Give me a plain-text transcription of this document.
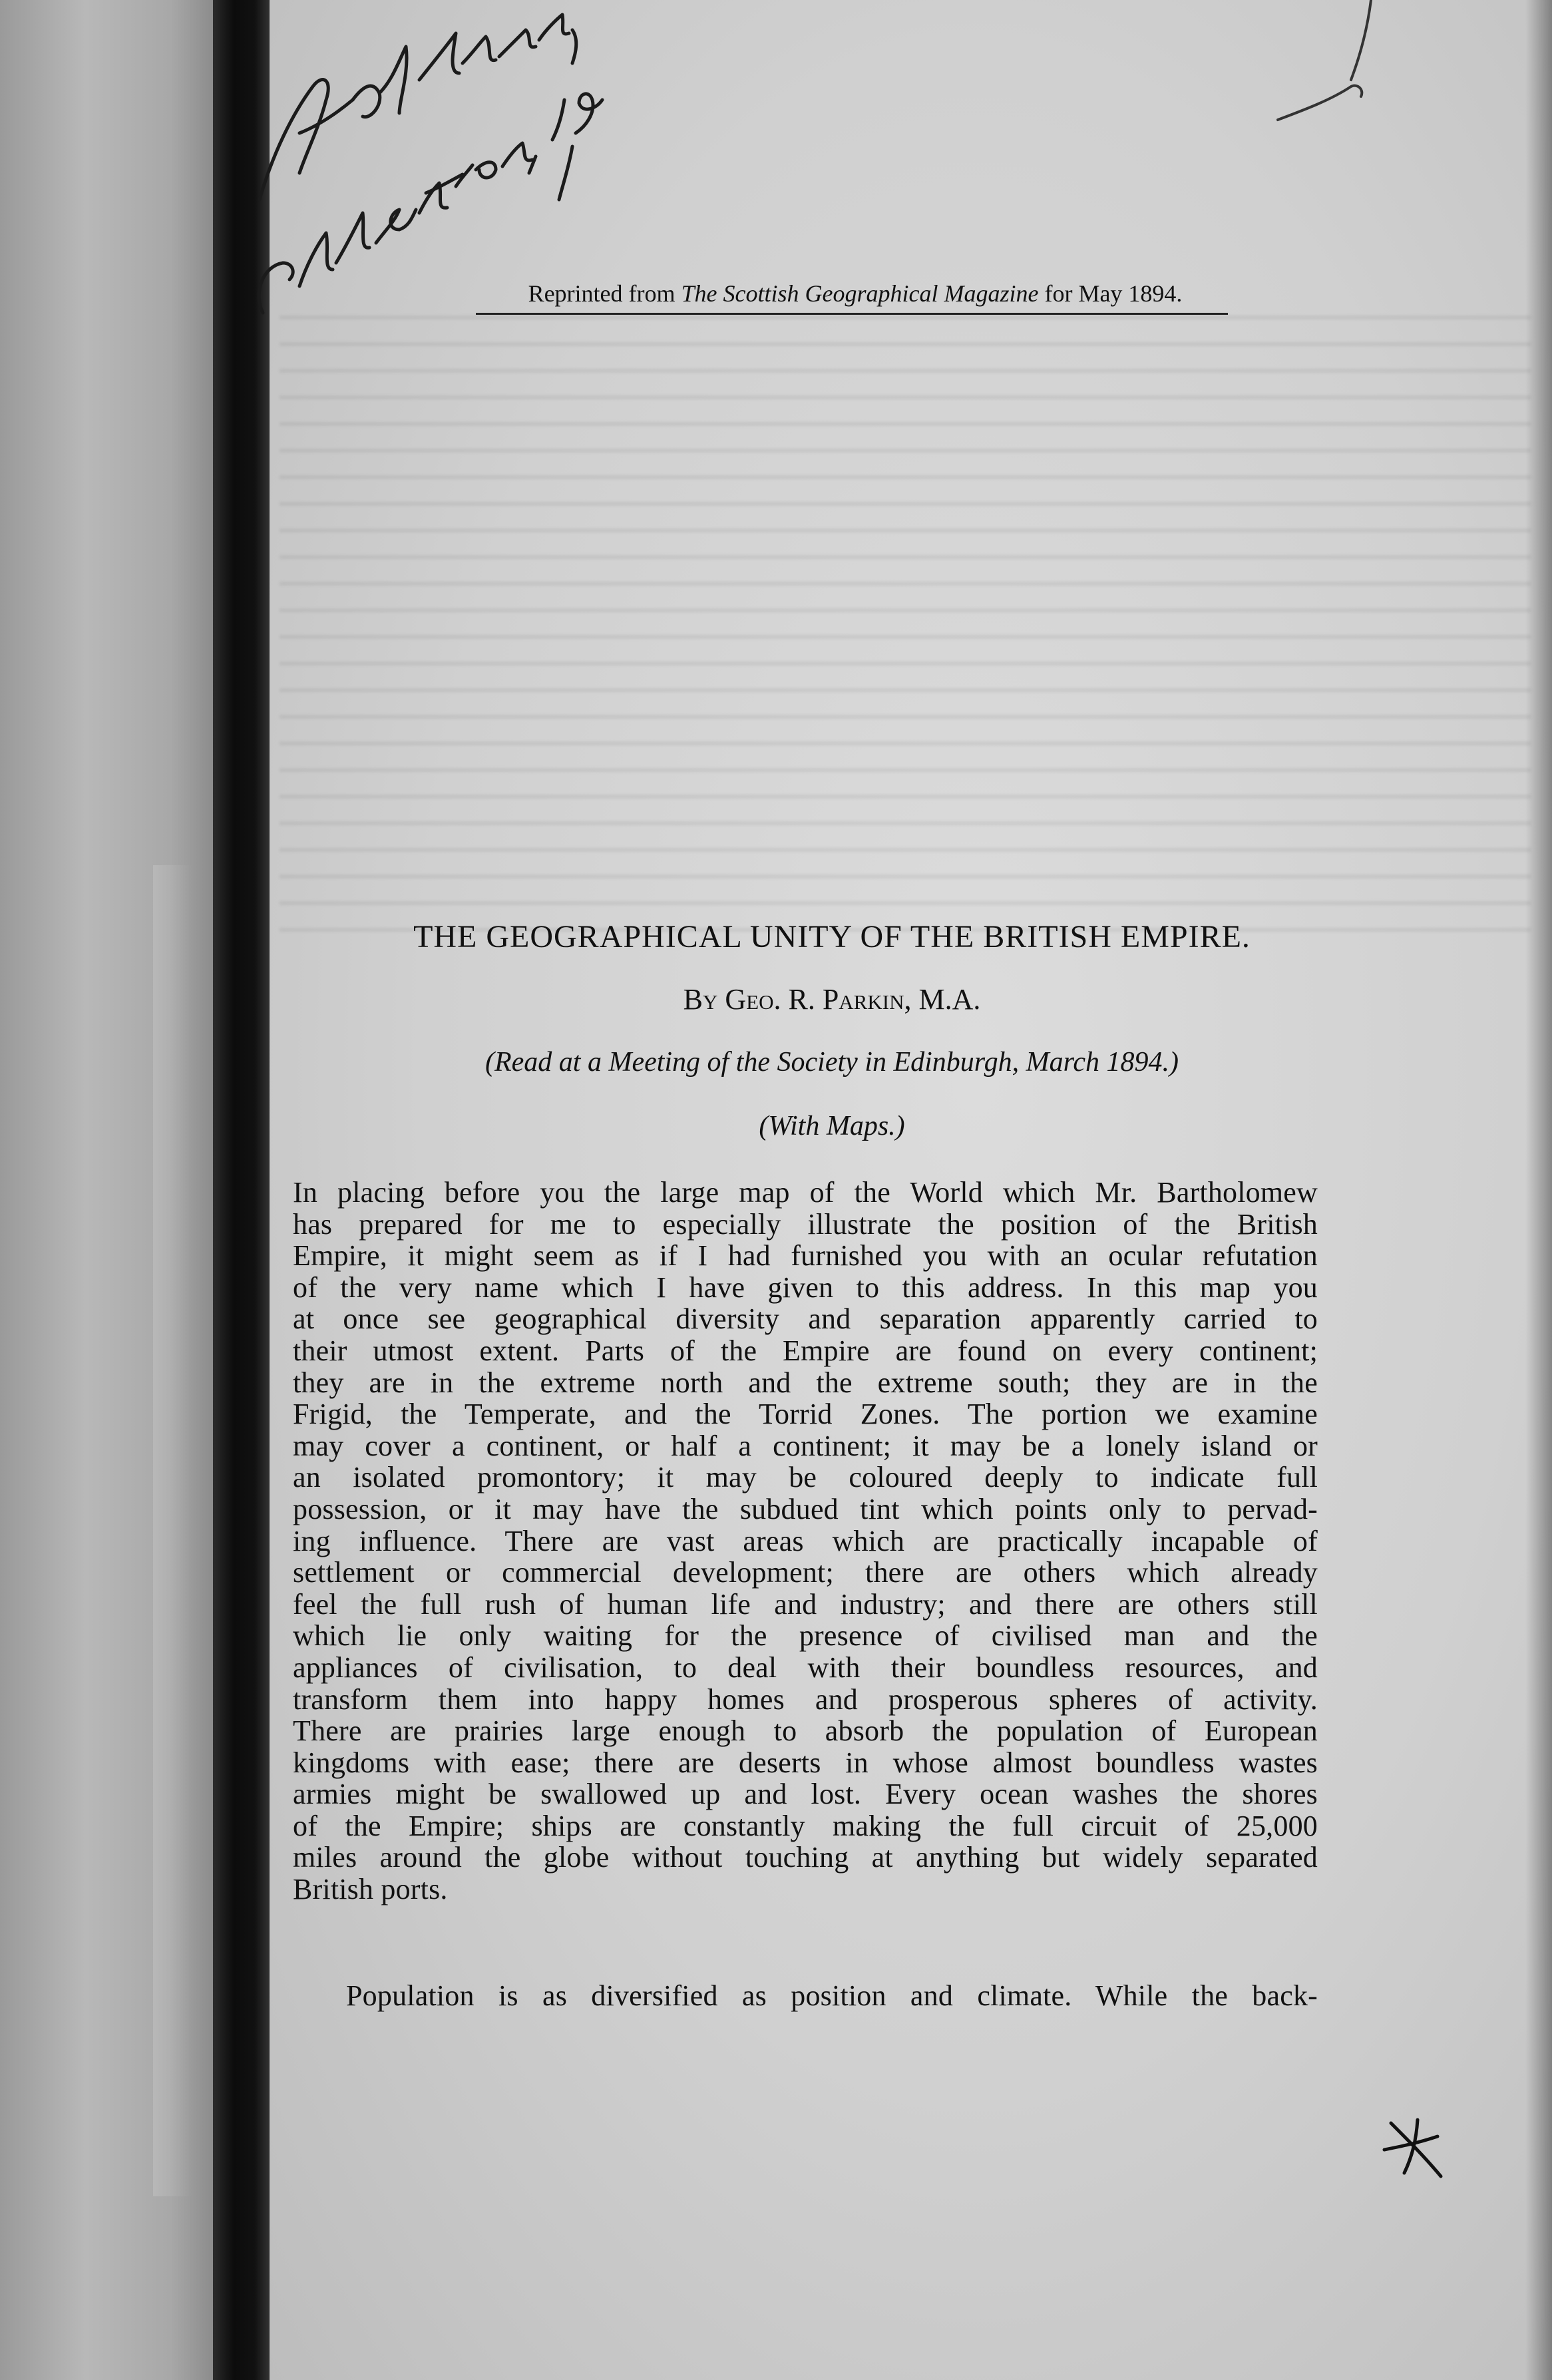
Reprinted from The Scottish Geographical Magazine for May 1894.
THE GEOGRAPHICAL UNITY OF THE BRITISH EMPIRE.
By Geo. R. Parkin, M.A.
(Read at a Meeting of the Society in Edinburgh, March 1894.)
(With Maps.)
In placing before you the large map of the World which Mr. Bartholomew
has prepared for me to especially illustrate the position of the British
Empire, it might seem as if I had furnished you with an ocular refutation
of the very name which I have given to this address. In this map you
at once see geographical diversity and separation apparently carried to
their utmost extent. Parts of the Empire are found on every continent;
they are in the extreme north and the extreme south; they are in the
Frigid, the Temperate, and the Torrid Zones. The portion we examine
may cover a continent, or half a continent; it may be a lonely island or
an isolated promontory; it may be coloured deeply to indicate full
possession, or it may have the subdued tint which points only to pervad-
ing influence. There are vast areas which are practically incapable of
settlement or commercial development; there are others which already
feel the full rush of human life and industry; and there are others still
which lie only waiting for the presence of civilised man and the
appliances of civilisation, to deal with their boundless resources, and
transform them into happy homes and prosperous spheres of activity.
There are prairies large enough to absorb the population of European
kingdoms with ease; there are deserts in whose almost boundless wastes
armies might be swallowed up and lost. Every ocean washes the shores
of the Empire; ships are constantly making the full circuit of 25,000
miles around the globe without touching at anything but widely separated
British ports.
Population is as diversified as position and climate. While the back-
